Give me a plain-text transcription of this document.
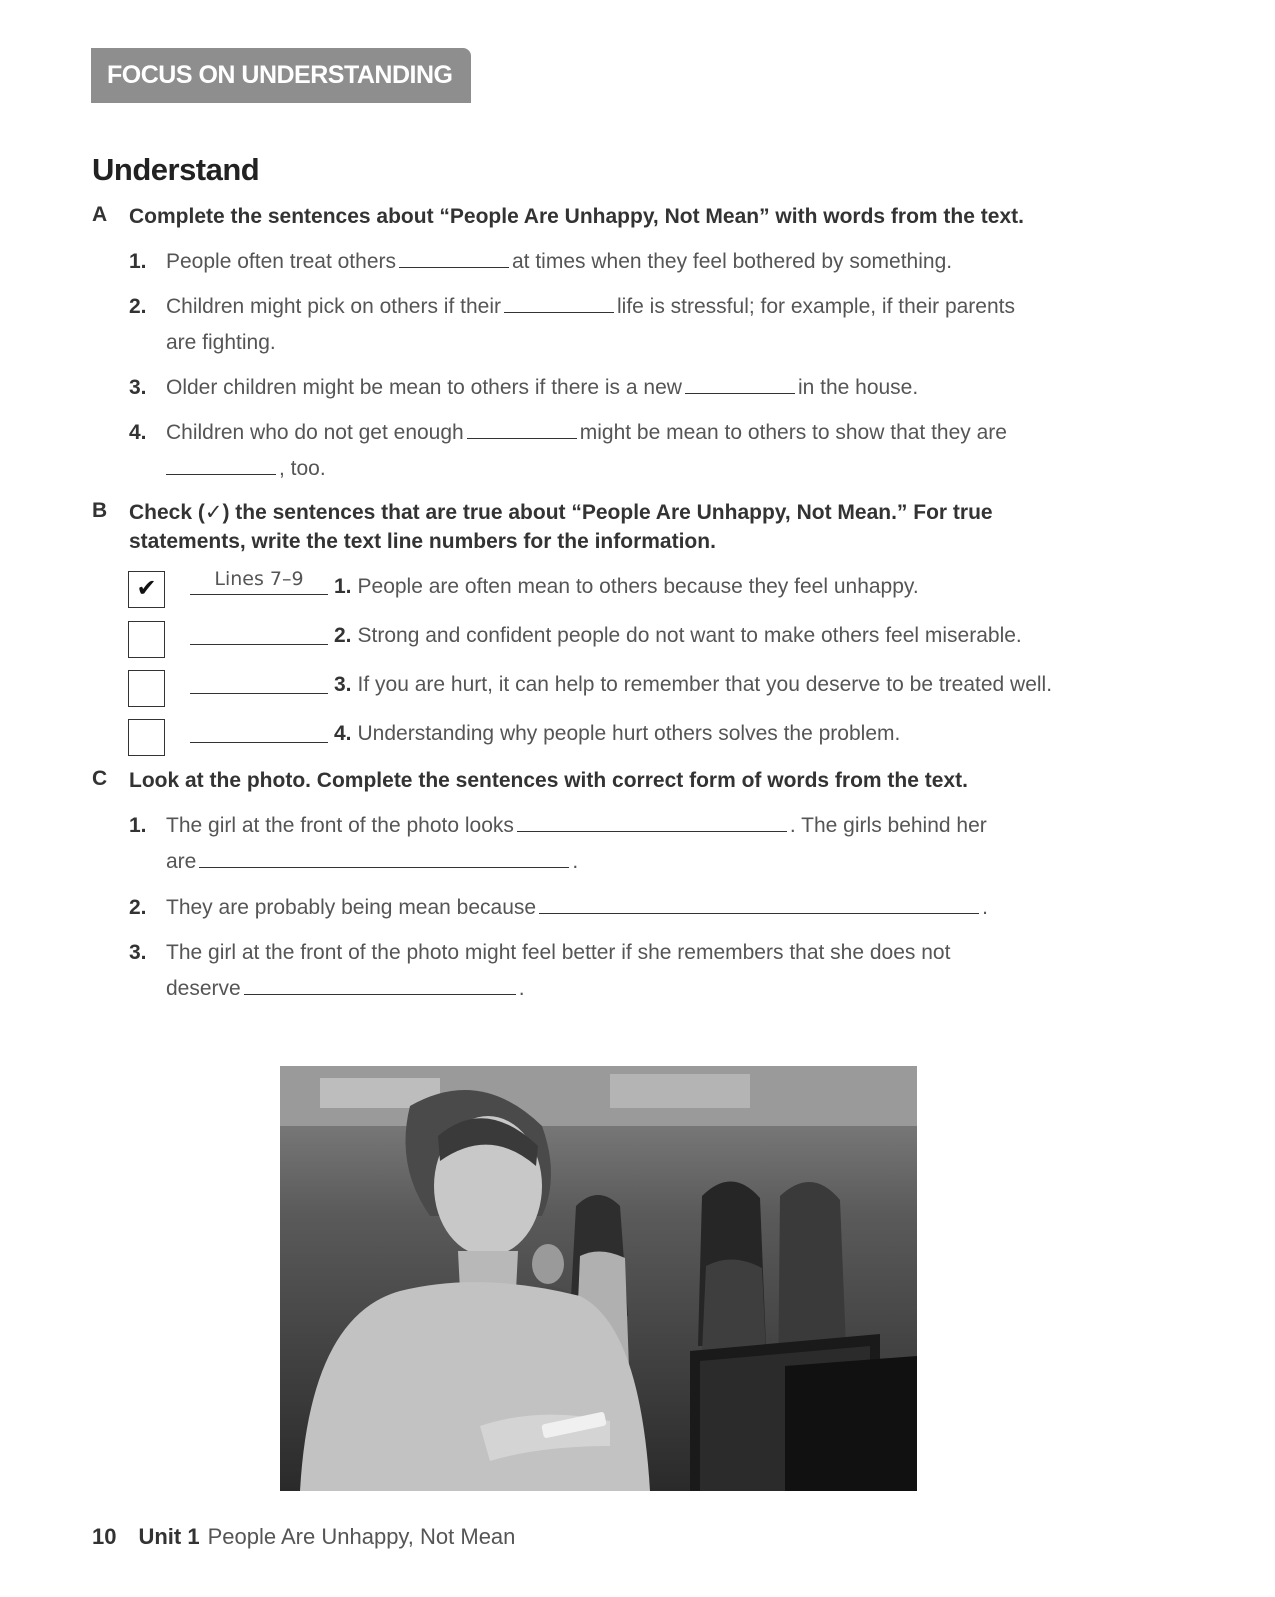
FOCUS ON UNDERSTANDING
Understand
A Complete the sentences about “People Are Unhappy, Not Mean” with words from the text.

1. People often treat others	at times when they feel bothered by something.
2. Children might pick on others if their	life is stressful; for example, if their parents
are fighting.
3. Older children might be mean to others if there is a new	in the house.
4. Children who do not get enough	might be mean to others to show that they are
, too.
B Check (✓) the sentences that are true about “People Are Unhappy, Not Mean.” For true

statements, write the text line numbers for the information.

✔	Lines 7–9	1. People are often mean to others because they feel unhappy.
2. Strong and confident people do not want to make others feel miserable.
3. If you are hurt, it can help to remember that you deserve to be treated well.
4. Understanding why people hurt others solves the problem.
C Look at the photo. Complete the sentences with correct form of words from the text.

1. The girl at the front of the photo looks	. The girls behind her
are	.
2. They are probably being mean because	.
3. The girl at the front of the photo might feel better if she remembers that she does not
deserve	.
10 Unit 1 People Are Unhappy, Not Mean
